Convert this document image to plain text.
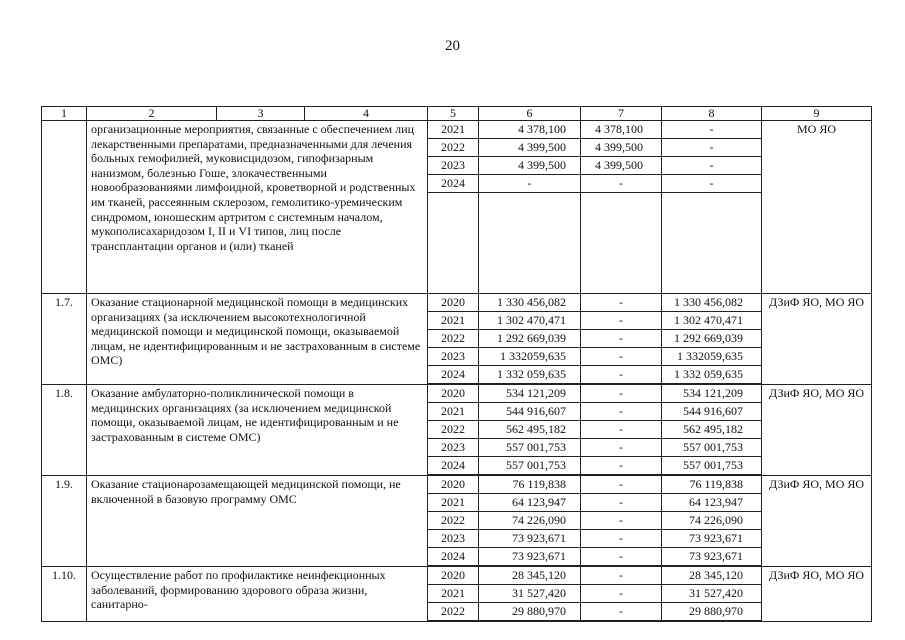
20
1	2	3	4	5	6	7	8	9
	организационные мероприятия, связанные с обеспечением лиц лекарственными препаратами, предназначенными для лечения больных гемофилией, муковисцидозом, гипофизарным нанизмом, болезнью Гоше, злокачественными новообразованиями лимфоидной, кроветворной и родственных им тканей, рассеянным склерозом, гемолитико-уремическим синдромом, юношеским артритом с системным началом, мукополисахаридозом I, II и VI типов, лиц после трансплантации органов и (или) тканей			2021	4 378,100	4 378,100	-	МО ЯО
				2022	4 399,500	4 399,500	-	
				2023	4 399,500	4 399,500	-	
				2024	-	-	-	

1.7.	Оказание стационарной медицинской помощи в медицинских организациях (за исключением высокотехнологичной медицинской помощи и медицинской помощи, оказываемой лицам, не идентифицированным и не застрахованным в системе ОМС)			2020	1 330 456,082	-	1 330 456,082	ДЗиФ ЯО, МО ЯО
				2021	1 302 470,471	-	1 302 470,471	
				2022	1 292 669,039	-	1 292 669,039	
				2023	1 332059,635	-	1 332059,635	
				2024	1 332 059,635	-	1 332 059,635	

1.8.	Оказание амбулаторно-поликлинической помощи в медицинских организациях (за исключением медицинской помощи, оказываемой лицам, не идентифицированным и не застрахованным в системе ОМС)			2020	534 121,209	-	534 121,209	ДЗиФ ЯО, МО ЯО
				2021	544 916,607	-	544 916,607	
				2022	562 495,182	-	562 495,182	
				2023	557 001,753	-	557 001,753	
				2024	557 001,753	-	557 001,753	

1.9.	Оказание стационарозамещающей медицинской помощи, не включенной в базовую программу ОМС			2020	76 119,838	-	76 119,838	ДЗиФ ЯО, МО ЯО
				2021	64 123,947	-	64 123,947	
				2022	74 226,090	-	74 226,090	
				2023	73 923,671	-	73 923,671	
				2024	73 923,671	-	73 923,671	

1.10.	Осуществление работ по профилактике неинфекционных заболеваний, формированию здорового образа жизни, санитарно-			2020	28 345,120	-	28 345,120	ДЗиФ ЯО, МО ЯО
				2021	31 527,420	-	31 527,420	
				2022	29 880,970	-	29 880,970	
